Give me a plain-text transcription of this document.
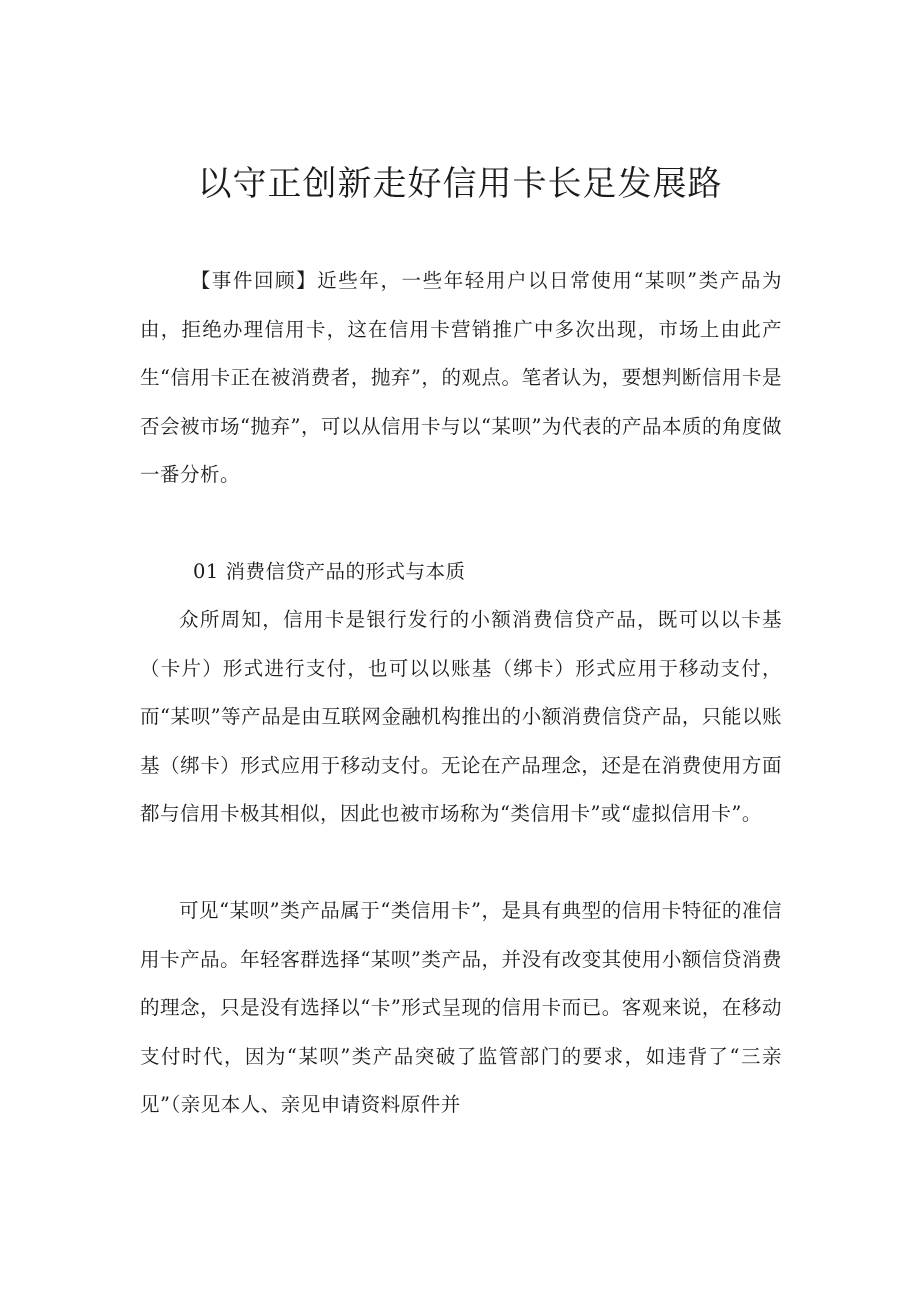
以守正创新走好信用卡长足发展路

【事件回顾】近些年，一些年轻用户以日常使用“某呗”类产品为由，拒绝办理信用卡，这在信用卡营销推广中多次出现，市场上由此产生“信用卡正在被消费者，抛弃”，的观点。笔者认为，要想判断信用卡是否会被市场“抛弃”，可以从信用卡与以“某呗”为代表的产品本质的角度做一番分析。

01 消费信贷产品的形式与本质

众所周知，信用卡是银行发行的小额消费信贷产品，既可以以卡基（卡片）形式进行支付，也可以以账基（绑卡）形式应用于移动支付，而“某呗”等产品是由互联网金融机构推出的小额消费信贷产品，只能以账基（绑卡）形式应用于移动支付。无论在产品理念，还是在消费使用方面都与信用卡极其相似，因此也被市场称为“类信用卡”或“虚拟信用卡”。

可见“某呗”类产品属于“类信用卡”，是具有典型的信用卡特征的准信用卡产品。年轻客群选择“某呗”类产品，并没有改变其使用小额信贷消费的理念，只是没有选择以“卡”形式呈现的信用卡而已。客观来说，在移动支付时代，因为“某呗”类产品突破了监管部门的要求，如违背了“三亲见”（亲见本人、亲见申请资料原件并
